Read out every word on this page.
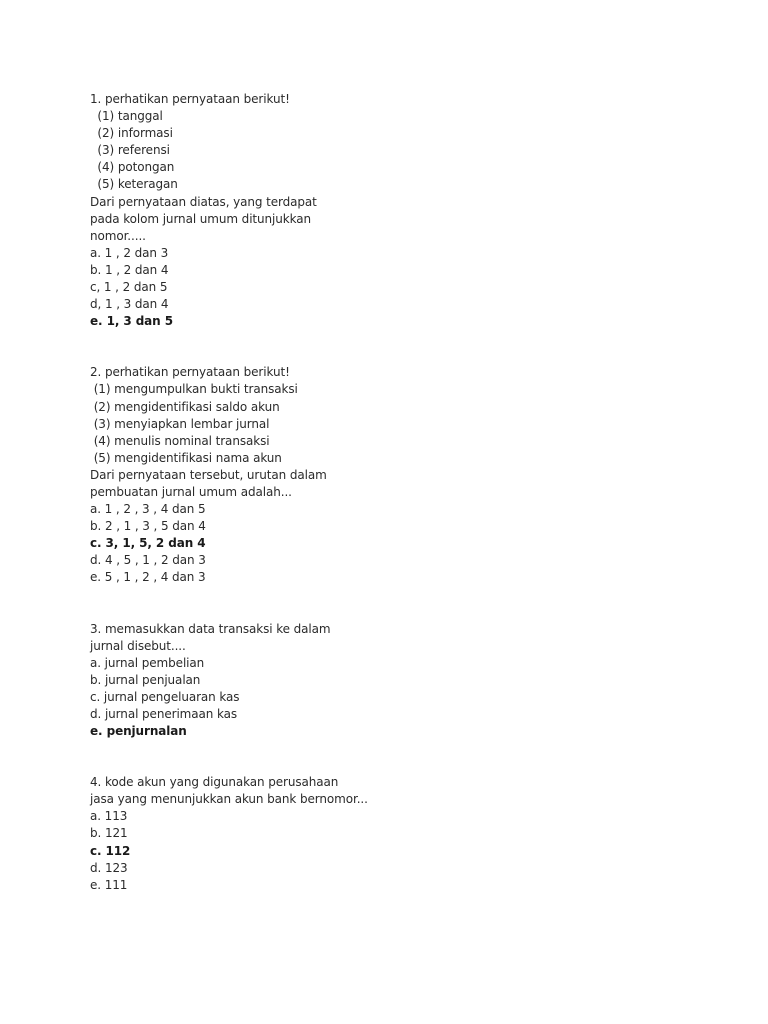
1. perhatikan pernyataan berikut!
(1) tanggal
(2) informasi
(3) referensi
(4) potongan
(5) keteragan
Dari pernyataan diatas, yang terdapat
pada kolom jurnal umum ditunjukkan
nomor.....
a. 1 , 2 dan 3
b. 1 , 2 dan 4
c, 1 , 2 dan 5
d, 1 , 3 dan 4
e. 1, 3 dan 5
2. perhatikan pernyataan berikut!
(1) mengumpulkan bukti transaksi
(2) mengidentifikasi saldo akun
(3) menyiapkan lembar jurnal
(4) menulis nominal transaksi
(5) mengidentifikasi nama akun
Dari pernyataan tersebut, urutan dalam
pembuatan jurnal umum adalah...
a. 1 , 2 , 3 , 4 dan 5
b. 2 , 1 , 3 , 5 dan 4
c. 3, 1, 5, 2 dan 4
d. 4 , 5 , 1 , 2 dan 3
e. 5 , 1 , 2 , 4 dan 3
3. memasukkan data transaksi ke dalam
jurnal disebut....
a. jurnal pembelian
b. jurnal penjualan
c. jurnal pengeluaran kas
d. jurnal penerimaan kas
e. penjurnalan
4. kode akun yang digunakan perusahaan
jasa yang menunjukkan akun bank bernomor...
a. 113
b. 121
c. 112
d. 123
e. 111
